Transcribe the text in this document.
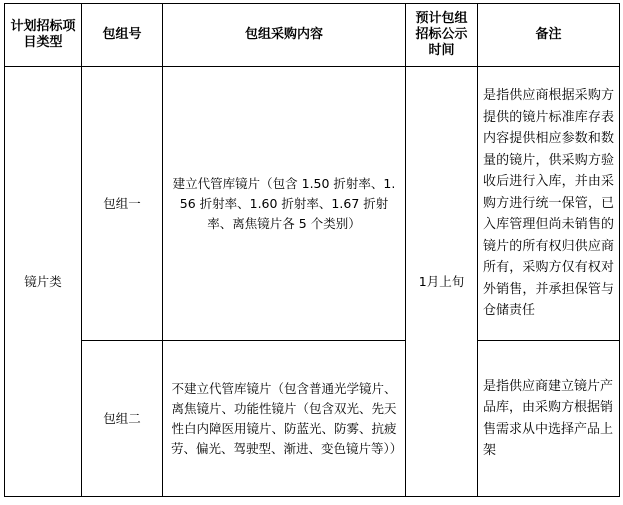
计划招标项目类型	包组号	包组采购内容	预计包组招标公示时间	备注
镜片类	包组一	建立代管库镜片（包含 1.50 折射率、1.56 折射率、1.60 折射率、1.67 折射率、离焦镜片各 5 个类别）	1月上旬	是指供应商根据采购方提供的镜片标准库存表内容提供相应参数和数量的镜片，供采购方验收后进行入库，并由采购方进行统一保管，已入库管理但尚未销售的镜片的所有权归供应商所有，采购方仅有权对外销售，并承担保管与仓储责任
	包组二	不建立代管库镜片（包含普通光学镜片、离焦镜片、功能性镜片（包含双光、先天性白内障医用镜片、防蓝光、防雾、抗疲劳、偏光、驾驶型、渐进、变色镜片等））		是指供应商建立镜片产品库，由采购方根据销售需求从中选择产品上架
